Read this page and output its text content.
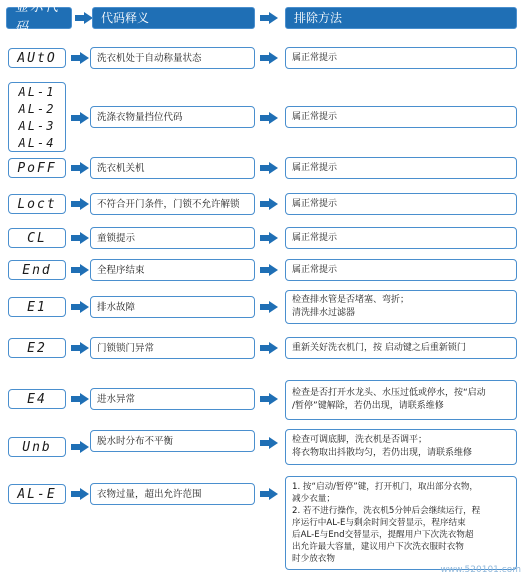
显示代码
代码释义	排除方法
AUtO	洗衣机处于自动称量状态	属正常提示
AL-1
AL-2
AL-3
AL-4
洗涤衣物量挡位代码	属正常提示
PoFF	洗衣机关机	属正常提示
Loct	不符合开门条件，门锁不允许解锁	属正常提示
CL	童锁提示	属正常提示
End	全程序结束	属正常提示
E1	排水故障
检查排水管是否堵塞、弯折；
清洗排水过滤器
E2	门锁锁门异常	重新关好洗衣机门，按 启动键之后重新锁门
E4	进水异常
检查是否打开水龙头、水压过低或停水，按“启动
/暂停”键解除，若仍出现，请联系维修
Unb	脱水时分布不平衡	检查可调底脚，洗衣机是否调平；
将衣物取出抖散均匀，若仍出现，请联系维修
AL-E	衣物过量，超出允许范围
1. 按“启动/暂停”键，打开机门，取出部分衣物，
减少衣量；
2. 若不进行操作，洗衣机5分钟后会继续运行，程
序运行中AL-E与剩余时间交替显示，程序结束
后AL-E与End交替显示，提醒用户下次洗衣物超
出允许最大容量，建议用户下次洗衣服时衣物
时少放衣物
www.520101.com
